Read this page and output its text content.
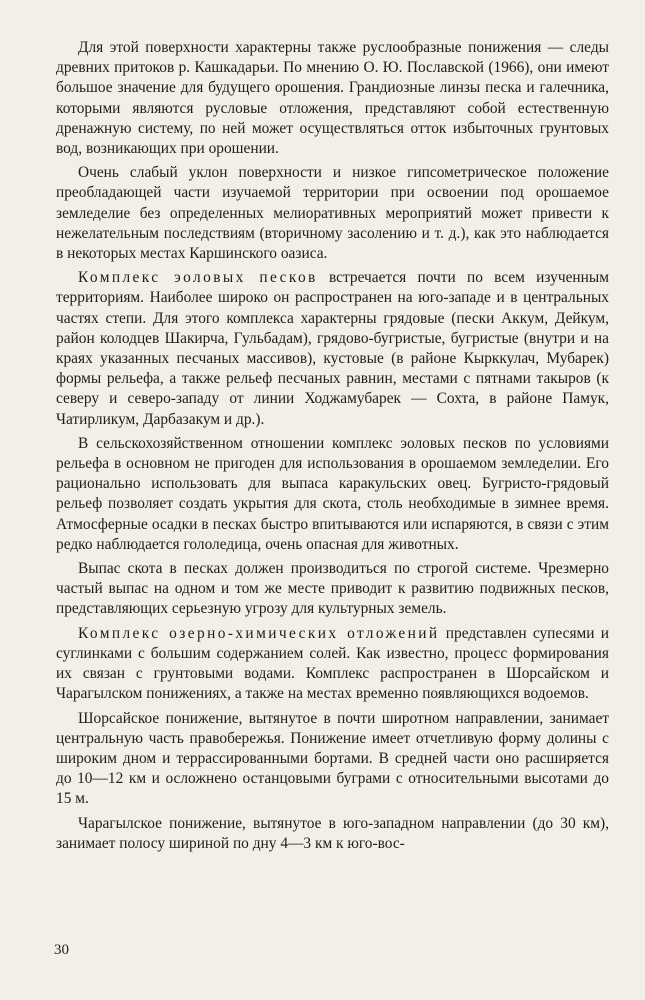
Для этой поверхности характерны также руслообразные понижения — следы древних притоков р. Кашкадарьи. По мнению О. Ю. Пославской (1966), они имеют большое значение для будущего орошения. Грандиозные линзы песка и галечника, которыми являются русловые отложения, представляют собой естественную дренажную систему, по ней может осуществляться отток избыточных грунтовых вод, возникающих при орошении.

Очень слабый уклон поверхности и низкое гипсометрическое положение преобладающей части изучаемой территории при освоении под орошаемое земледелие без определенных мелиоративных мероприятий может привести к нежелательным последствиям (вторичному засолению и т. д.), как это наблюдается в некоторых местах Каршинского оазиса.

Комплекс эоловых песков встречается почти по всем изученным территориям. Наиболее широко он распространен на юго-западе и в центральных частях степи. Для этого комплекса характерны грядовые (пески Аккум, Дейкум, район колодцев Шакирча, Гульбадам), грядово-бугристые, бугристые (внутри и на краях указанных песчаных массивов), кустовые (в районе Кырккулач, Мубарек) формы рельефа, а также рельеф песчаных равнин, местами с пятнами такыров (к северу и северо-западу от линии Ходжамубарек — Сохта, в районе Памук, Чатирликум, Дарбазакум и др.).

В сельскохозяйственном отношении комплекс эоловых песков по условиями рельефа в основном не пригоден для использования в орошаемом земледелии. Его рационально использовать для выпаса каракульских овец. Бугристо-грядовый рельеф позволяет создать укрытия для скота, столь необходимые в зимнее время. Атмосферные осадки в песках быстро впитываются или испаряются, в связи с этим редко наблюдается гололедица, очень опасная для животных.

Выпас скота в песках должен производиться по строгой системе. Чрезмерно частый выпас на одном и том же месте приводит к развитию подвижных песков, представляющих серьезную угрозу для культурных земель.

Комплекс озерно-химических отложений представлен супесями и суглинками с большим содержанием солей. Как известно, процесс формирования их связан с грунтовыми водами. Комплекс распространен в Шорсайском и Чарагылском понижениях, а также на местах временно появляющихся водоемов.

Шорсайское понижение, вытянутое в почти широтном направлении, занимает центральную часть правобережья. Понижение имеет отчетливую форму долины с широким дном и террассированными бортами. В средней части оно расширяется до 10—12 км и осложнено останцовыми буграми с относительными высотами до 15 м.

Чарагылское понижение, вытянутое в юго-западном направлении (до 30 км), занимает полосу шириной по дну 4—3 км к юго-вос-

30
